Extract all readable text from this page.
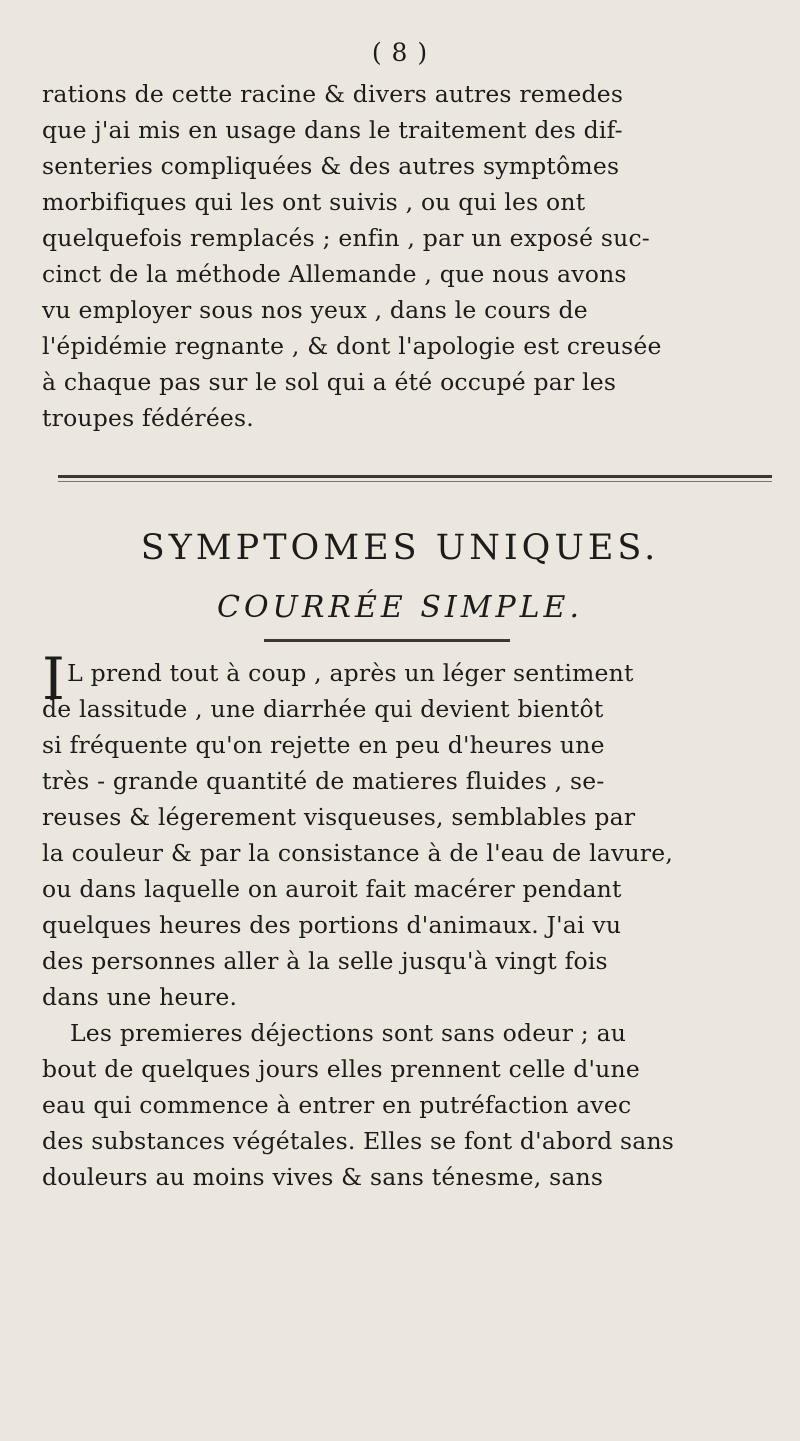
( 8 )
rations de cette racine & divers autres remedes
que j'ai mis en usage dans le traitement des dif-
senteries compliquées & des autres symptômes
morbifiques qui les ont suivis , ou qui les ont
quelquefois remplacés ; enfin , par un exposé suc-
cinct de la méthode Allemande , que nous avons
vu employer sous nos yeux , dans le cours de
l'épidémie regnante , & dont l'apologie est creusée
à chaque pas sur le sol qui a été occupé par les
troupes fédérées.
SYMPTOMES UNIQUES.
COURRÉE SIMPLE.
IL prend tout à coup , après un léger sentiment
de lassitude , une diarrhée qui devient bientôt
si fréquente qu'on rejette en peu d'heures une
très - grande quantité de matieres fluides , se-
reuses & légerement visqueuses, semblables par
la couleur & par la consistance à de l'eau de lavure,
ou dans laquelle on auroit fait macérer pendant
quelques heures des portions d'animaux. J'ai vu
des personnes aller à la selle jusqu'à vingt fois
dans une heure.
Les premieres déjections sont sans odeur ; au
bout de quelques jours elles prennent celle d'une
eau qui commence à entrer en putréfaction avec
des substances végétales. Elles se font d'abord sans
douleurs au moins vives & sans ténesme, sans
